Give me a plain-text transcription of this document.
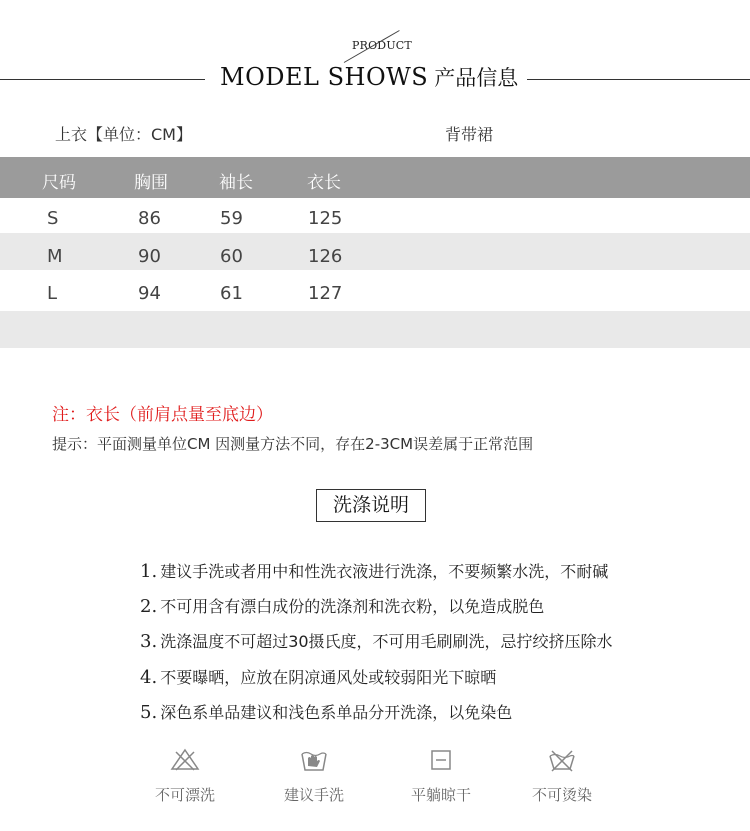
PRODUCT
MODEL SHOWS 产品信息
上衣【单位：CM】	背带裙
尺码	胸围	袖长	衣长
S	86	59	125
M	90	60	126
L	94	61	127
注：衣长（前肩点量至底边）
提示：平面测量单位CM 因测量方法不同，存在2-3CM误差属于正常范围
洗涤说明
1. 建议手洗或者用中和性洗衣液进行洗涤，不要频繁水洗，不耐碱
2. 不可用含有漂白成份的洗涤剂和洗衣粉，以免造成脱色
3. 洗涤温度不可超过30摄氏度，不可用毛刷刷洗，忌拧绞挤压除水
4. 不要曝晒，应放在阴凉通风处或较弱阳光下晾晒
5. 深色系单品建议和浅色系单品分开洗涤，以免染色
不可漂洗	建议手洗	平躺晾干	不可烫染
